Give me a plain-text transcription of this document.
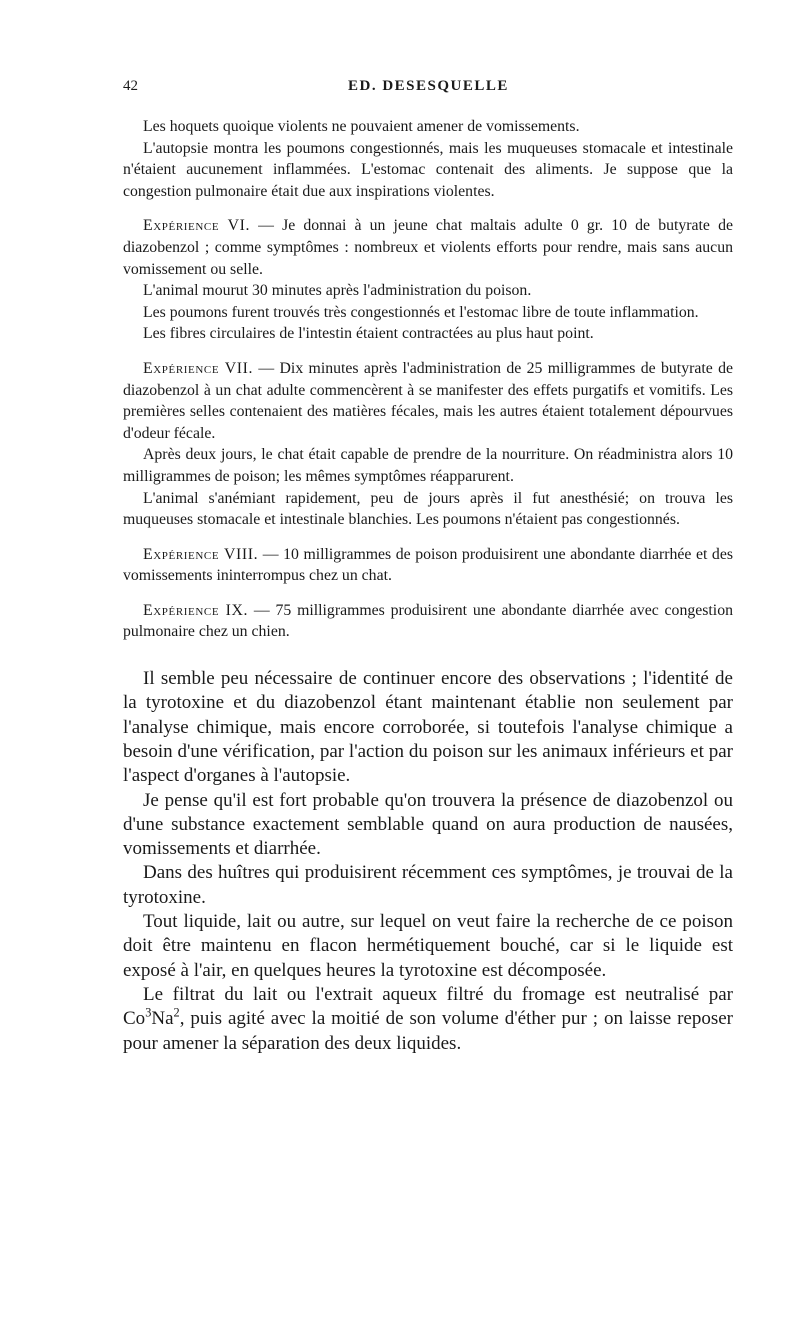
42	ED. DESESQUELLE

Les hoquets quoique violents ne pouvaient amener de vomissements.

L'autopsie montra les poumons congestionnés, mais les muqueuses stomacale et intestinale n'étaient aucunement inflammées. L'estomac contenait des aliments. Je suppose que la congestion pulmonaire était due aux inspirations violentes.

Expérience VI. — Je donnai à un jeune chat maltais adulte 0 gr. 10 de butyrate de diazobenzol ; comme symptômes : nombreux et violents efforts pour rendre, mais sans aucun vomissement ou selle.

L'animal mourut 30 minutes après l'administration du poison.

Les poumons furent trouvés très congestionnés et l'estomac libre de toute inflammation.

Les fibres circulaires de l'intestin étaient contractées au plus haut point.

Expérience VII. — Dix minutes après l'administration de 25 milligrammes de butyrate de diazobenzol à un chat adulte commencèrent à se manifester des effets purgatifs et vomitifs. Les premières selles contenaient des matières fécales, mais les autres étaient totalement dépourvues d'odeur fécale.

Après deux jours, le chat était capable de prendre de la nourriture. On réadministra alors 10 milligrammes de poison; les mêmes symptômes réapparurent.

L'animal s'anémiant rapidement, peu de jours après il fut anesthésié; on trouva les muqueuses stomacale et intestinale blanchies. Les poumons n'étaient pas congestionnés.

Expérience VIII. — 10 milligrammes de poison produisirent une abondante diarrhée et des vomissements ininterrompus chez un chat.

Expérience IX. — 75 milligrammes produisirent une abondante diarrhée avec congestion pulmonaire chez un chien.

Il semble peu nécessaire de continuer encore des observations ; l'identité de la tyrotoxine et du diazobenzol étant maintenant établie non seulement par l'analyse chimique, mais encore corroborée, si toutefois l'analyse chimique a besoin d'une vérification, par l'action du poison sur les animaux inférieurs et par l'aspect d'organes à l'autopsie.

Je pense qu'il est fort probable qu'on trouvera la présence de diazobenzol ou d'une substance exactement semblable quand on aura production de nausées, vomissements et diarrhée.

Dans des huîtres qui produisirent récemment ces symptômes, je trouvai de la tyrotoxine.

Tout liquide, lait ou autre, sur lequel on veut faire la recherche de ce poison doit être maintenu en flacon hermétiquement bouché, car si le liquide est exposé à l'air, en quelques heures la tyrotoxine est décomposée.

Le filtrat du lait ou l'extrait aqueux filtré du fromage est neutralisé par Co$^3$Na$^2$, puis agité avec la moitié de son volume d'éther pur ; on laisse reposer pour amener la séparation des deux liquides.
